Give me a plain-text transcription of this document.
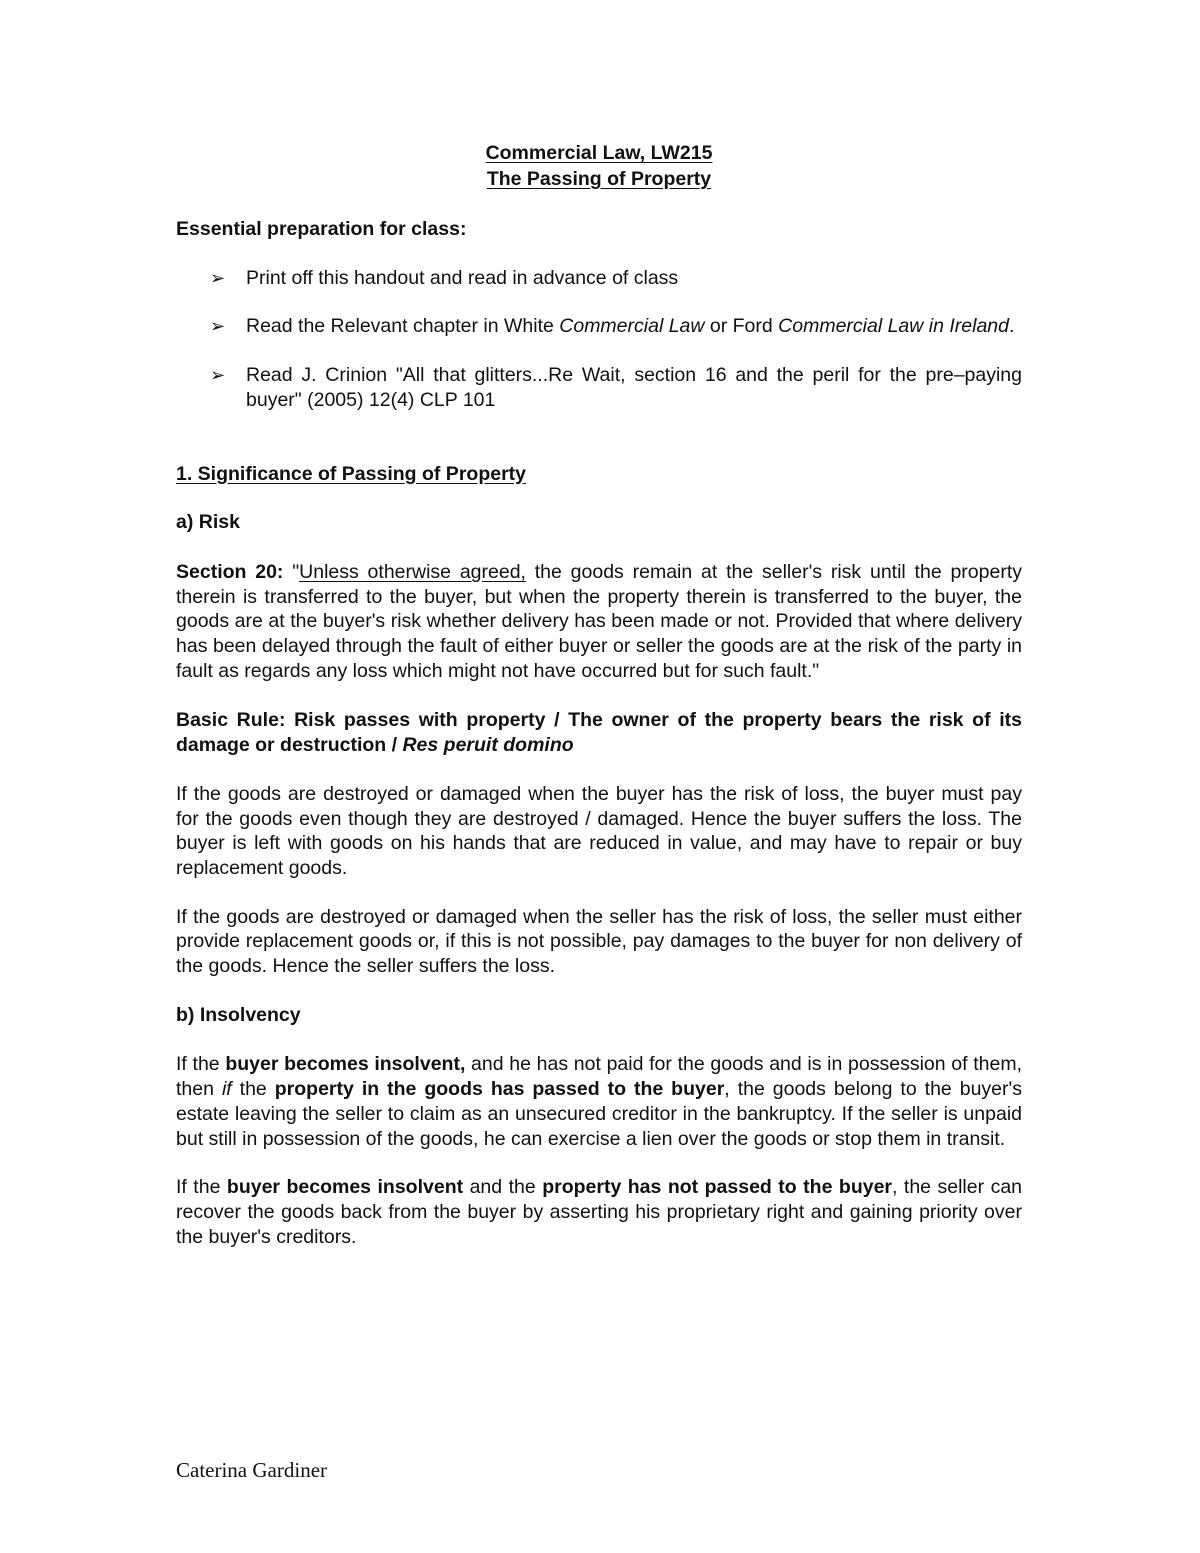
Commercial Law, LW215
The Passing of Property

Essential preparation for class:

➢	Print off this handout and read in advance of class
➢	Read the Relevant chapter in White Commercial Law or Ford Commercial Law in Ireland.
➢	Read J. Crinion "All that glitters...Re Wait, section 16 and the peril for the pre–paying buyer" (2005) 12(4) CLP 101

1. Significance of Passing of Property

a) Risk

Section 20: "Unless otherwise agreed, the goods remain at the seller's risk until the property therein is transferred to the buyer, but when the property therein is transferred to the buyer, the goods are at the buyer's risk whether delivery has been made or not. Provided that where delivery has been delayed through the fault of either buyer or seller the goods are at the risk of the party in fault as regards any loss which might not have occurred but for such fault."

Basic Rule: Risk passes with property / The owner of the property bears the risk of its damage or destruction / Res peruit domino

If the goods are destroyed or damaged when the buyer has the risk of loss, the buyer must pay for the goods even though they are destroyed / damaged. Hence the buyer suffers the loss. The buyer is left with goods on his hands that are reduced in value, and may have to repair or buy replacement goods.

If the goods are destroyed or damaged when the seller has the risk of loss, the seller must either provide replacement goods or, if this is not possible, pay damages to the buyer for non delivery of the goods. Hence the seller suffers the loss.

b) Insolvency

If the buyer becomes insolvent, and he has not paid for the goods and is in possession of them, then if the property in the goods has passed to the buyer, the goods belong to the buyer's estate leaving the seller to claim as an unsecured creditor in the bankruptcy. If the seller is unpaid but still in possession of the goods, he can exercise a lien over the goods or stop them in transit.

If the buyer becomes insolvent and the property has not passed to the buyer, the seller can recover the goods back from the buyer by asserting his proprietary right and gaining priority over the buyer's creditors.

Caterina Gardiner
